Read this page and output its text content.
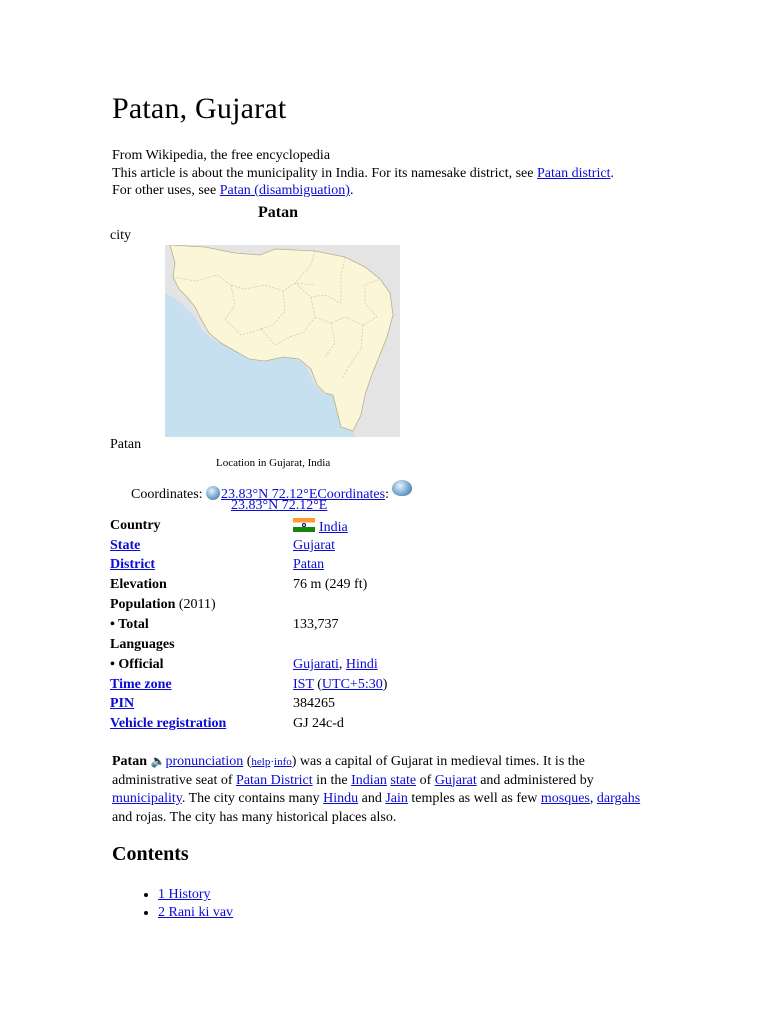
Patan, Gujarat
From Wikipedia, the free encyclopedia
This article is about the municipality in India. For its namesake district, see Patan district.
For other uses, see Patan (disambiguation).
Patan
city
Patan
Location in Gujarat, India
Coordinates: 23.83°N 72.12°ECoordinates:
23.83°N 72.12°E
Country	India
State	Gujarat
District	Patan
Elevation	76 m (249 ft)
Population (2011)
• Total	133,737
Languages
• Official	Gujarati, Hindi
Time zone	IST (UTC+5:30)
PIN	384265
Vehicle registration	GJ 24c-d

Patan 🔈pronunciation (help·info) was a capital of Gujarat in medieval times. It is the administrative seat of Patan District in the Indian state of Gujarat and administered by municipality. The city contains many Hindu and Jain temples as well as few mosques, dargahs and rojas. The city has many historical places also.

Contents
• 1 History
• 2 Rani ki vav
